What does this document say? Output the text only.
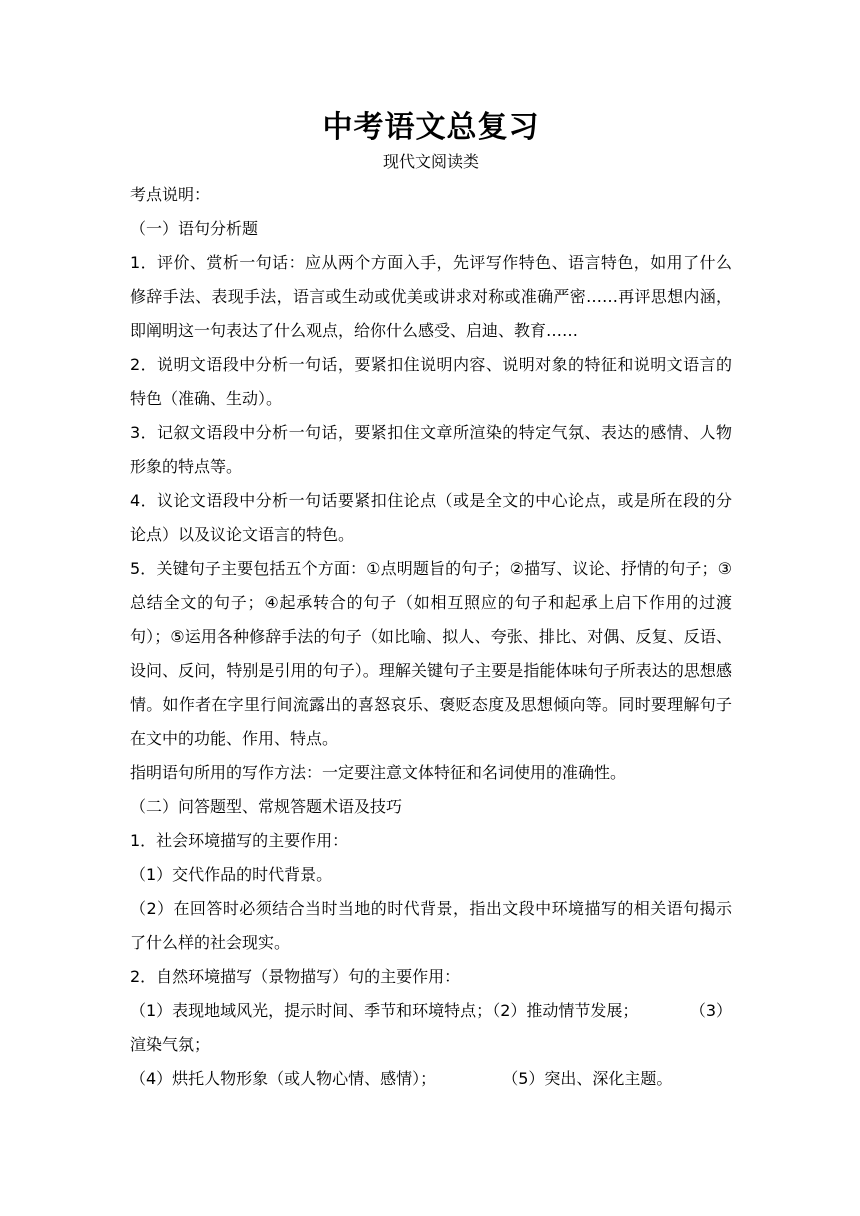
中考语文总复习

现代文阅读类

考点说明：

（一）语句分析题

1．评价、赏析一句话：应从两个方面入手，先评写作特色、语言特色，如用了什么修辞手法、表现手法，语言或生动或优美或讲求对称或准确严密……再评思想内涵，即阐明这一句表达了什么观点，给你什么感受、启迪、教育……

2．说明文语段中分析一句话，要紧扣住说明内容、说明对象的特征和说明文语言的特色（准确、生动）。

3．记叙文语段中分析一句话，要紧扣住文章所渲染的特定气氛、表达的感情、人物形象的特点等。

4．议论文语段中分析一句话要紧扣住论点（或是全文的中心论点，或是所在段的分论点）以及议论文语言的特色。

5．关键句子主要包括五个方面：①点明题旨的句子；②描写、议论、抒情的句子；③总结全文的句子；④起承转合的句子（如相互照应的句子和起承上启下作用的过渡句）；⑤运用各种修辞手法的句子（如比喻、拟人、夸张、排比、对偶、反复、反语、设问、反问，特别是引用的句子）。理解关键句子主要是指能体味句子所表达的思想感情。如作者在字里行间流露出的喜怒哀乐、褒贬态度及思想倾向等。同时要理解句子在文中的功能、作用、特点。

指明语句所用的写作方法：一定要注意文体特征和名词使用的准确性。

（二）问答题型、常规答题术语及技巧

1．社会环境描写的主要作用：

（1）交代作品的时代背景。

（2）在回答时必须结合当时当地的时代背景，指出文段中环境描写的相关语句揭示了什么样的社会现实。

2．自然环境描写（景物描写）句的主要作用：

（1）表现地域风光，提示时间、季节和环境特点；（2）推动情节发展；	（3）

渲染气氛；

（4）烘托人物形象（或人物心情、感情）；	（5）突出、深化主题。
